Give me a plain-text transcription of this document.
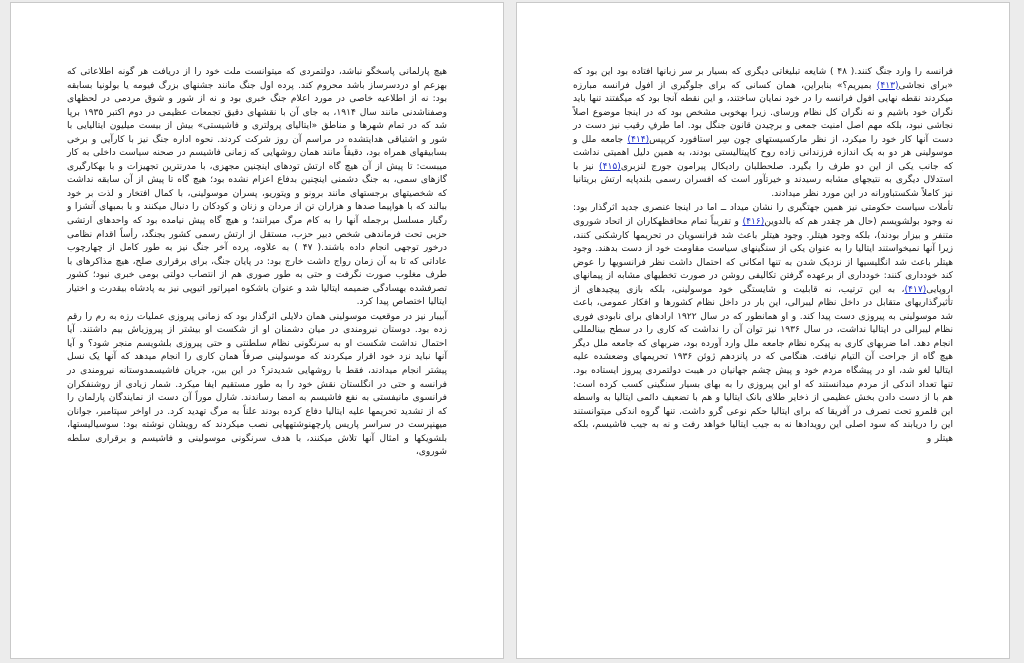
هیچ پارلمانی پاسخگو نباشد، دولتمردی که میتوانست ملت خود را از دریافت هر گونه اطلاعاتی که بهزعم او دردسرساز باشد محروم کند. پرده اول جنگ مانند جشنهای بزرگ فیومه یا بولونیا بسابقه بود: نه از اطلاعیه خاصی در مورد اعلام جنگ خبری بود و نه از شور و شوق مردمی در لحظهای وصفناشدنی مانند سال ۱۹۱۴، به جای آن با نقشهای دقیق تجمعات عظیمی در دوم اکتبر ۱۹۳۵ برپا شد که در تمام شهرها و مناطق «ایتالیای پرولتری و فاشیستی» بیش از بیست میلیون ایتالیایی با شور و اشتیاقی هدایتشده در مراسم آن روز شرکت کردند. نحوه اداره جنگ نیز با کارآیی و برخی بسابیقهای همراه بود، دقیقاً مانند همان روشهایی که زمانی فاشیسم در صحنه سیاست داخلی به کار میبست: تا پیش از آن هیچ گاه ارتش تودهای اینچنین مجهزی، با مدرنترین تجهیزات و با بهکارگیری گازهای سمی، به جنگ دشمنی اینچنین بدفاع اعزام نشده بود؛ هیچ گاه تا پیش از آن سابقه نداشت که شخصیتهای برجستهای مانند برونو و ویتوریو، پسران موسولینی، با کمال افتخار و لذت بر خود ببالند که با هواپیما صدها و هزاران تن از مردان و زنان و کودکان را دنبال میکنند و با بمبهای آتشزا و رگبار مسلسل برجمله آنها را به کام مرگ میرانند؛ و هیچ گاه پیش نیامده بود که واحدهای ارتشی حزبی تحت فرماندهی شخص دبیر حزب، مستقل از ارتش رسمی کشور بجنگد، رأساً اقدام نظامی درخور توجهی انجام داده باشند.( ۴۷ ) به علاوه، پرده آخر جنگ نیز به طور کامل از چهارچوب عاداتی که تا به آن زمان رواج داشت خارج بود: در پایان جنگ، برای برقراری صلح، هیچ مذاکرهای با طرف مغلوب صورت نگرفت و حتی به طور صوری هم از انتصاب دولتی بومی خبری نبود؛ کشور تصرفشده بهسادگی ضمیمه ایتالیا شد و عنوان باشکوه امپراتور اتیوپی نیز به پادشاه بیقدرت و اختیار ایتالیا اختصاص پیدا کرد.

آبیبار نیز در موقعیت موسولینی همان دلایلی اثرگذار بود که زمانی پیروزی عملیات رزه به رم را رقم زده بود. دوستان نیرومندی در میان دشمنان او از شکست او بیشتر از پیروزیاش بیم داشتند. آیا احتمال نداشت شکست او به سرنگونی نظام سلطنتی و حتی پیروزی بلشویسم منجر شود؟ و آیا آنها نباید نزد خود اقرار میکردند که موسولینی صرفاً همان کاری را انجام میدهد که آنها یک نسل پیشتر انجام میدادند، فقط با روشهایی شدیدتر؟ در این بین، جریان فاشیسمدوستانه نیرومندی در فرانسه و حتی در انگلستان نقش خود را به طور مستقیم ایفا میکرد. شمار زیادی از روشنفکران فرانسوی مانیفستی به نفع فاشیسم به امضا رساندند. شارل موراً آن دست از نمایندگان پارلمان را که از تشدید تحریمها علیه ایتالیا دفاع کرده بودند علناً به مرگ تهدید کرد. در اواخر سپتامبر، جوانان میهنپرست در سراسر پاریس پارچهنوشتههایی نصب میکردند که رویشان نوشته بود: سوسیالیستها، بلشویکها و امثال آنها تلاش میکنند، با هدف سرنگونی موسولینی و فاشیسم و برقراری سلطه شوروی،

فرانسه را وارد جنگ کنند.( ۴۸ ) شایعه تبلیغاتی دیگری که بسیار بر سر زبانها افتاده بود این بود که «برای نجاشی(۴۱۳) بمیریم؟» بنابراین، همان کسانی که برای جلوگیری از افول فرانسه مبارزه میکردند نقطه نهایی افول فرانسه را در خود نمایان ساختند، و این نقطه آنجا بود که میگفتند تنها باید نگران خود باشیم و نه نگران کل نظام ورسای. زیرا بهخوبی مشخص بود که در اینجا موضوع اصلاً نجاشی نبود، بلکه مهم اصل امنیت جمعی و برچیدن قانون جنگل بود. اما طرفِ رقیب نیز دست در دست آنها کار خود را میکرد، از نظر مارکسیستهای چون سِر استافورد کریپس(۴۱۴) جامعه ملل و موسولینی هر دو به یک اندازه فرزندانی زاده روح کاپیتالیستی بودند، به همین دلیل اهمیتی نداشت که جانب یکی از این دو طرف را بگیرد. صلحطلبان رادیکال پیرامون جورج لنزبری(۴۱۵) نیز با استدلال دیگری به نتیجهای مشابه رسیدند و خیرتآور است که افسران رسمی بلندپایه ارتش بریتانیا نیز کاملاً شکستباورانه در این مورد نظر میدادند.

تأملات سیاست حکومتی نیز همین جهتگیری را نشان میداد ــ اما در اینجا عنصری جدید اثرگذار بود: نه وجود بولشویسم (حال هر چقدر هم که بالدوین(۴۱۶) و تقریباً تمام محافظهکاران از اتحاد شوروی متنفر و بیزار بودند)، بلکه وجود هیتلر. وجود هیتلر باعث شد فرانسویان در تحریمها کارشکنی کنند، زیرا آنها نمیخواستند ایتالیا را به عنوان یکی از سنگینهای سیاست مقاومت خود از دست بدهند. وجود هیتلر باعث شد انگلیسیها از نزدیک شدن به تنها امکانی که احتمال داشت نظر فرانسویها را عوض کند خودداری کنند: خودداری از برعهده گرفتن تکالیفی روشن در صورت تخطیهای مشابه از پیمانهای اروپایی(۴۱۷)، به این ترتیب، نه قابلیت و شایستگی خود موسولینی، بلکه بازی پیچیدهای از تأثیرگذاریهای متقابل در داخل نظام لیبرالی، این بار در داخل نظام کشورها و افکار عمومی، باعث شد موسولینی به پیروزی دست پیدا کند. و او همانطور که در سال ۱۹۲۲ ارادهای برای نابودی فوری نظام لیبرالی در ایتالیا نداشت، در سال ۱۹۳۶ نیز توان آن را نداشت که کاری را در سطح بینالمللی انجام دهد. اما ضربهای کاری به پیکره نظام جامعه ملل وارد آورده بود، ضربهای که جامعه ملل دیگر هیچ گاه از جراحت آن التیام نیافت. هنگامی که در پانزدهم ژوئن ۱۹۳۶ تحریمهای وضعشده علیه ایتالیا لغو شد، او در پیشگاه مردم خود و پیش چشم جهانیان در هیبت دولتمردی پیروز ایستاده بود. تنها تعداد اندکی از مردم میدانستند که او این پیروزی را به بهای بسیار سنگینی کسب کرده است: هم با از دست دادن بخش عظیمی از ذخایر طلای بانک ایتالیا و هم با تضعیف دائمی ایتالیا به واسطه این قلمرو تحت تصرف در آفریقا که برای ایتالیا حکم نوعی گرو داشت. تنها گروه اندکی میتوانستند این را دریابند که سود اصلی این رویدادها نه به جیب ایتالیا خواهد رفت و نه به جیب فاشیسم، بلکه هیتلر و
